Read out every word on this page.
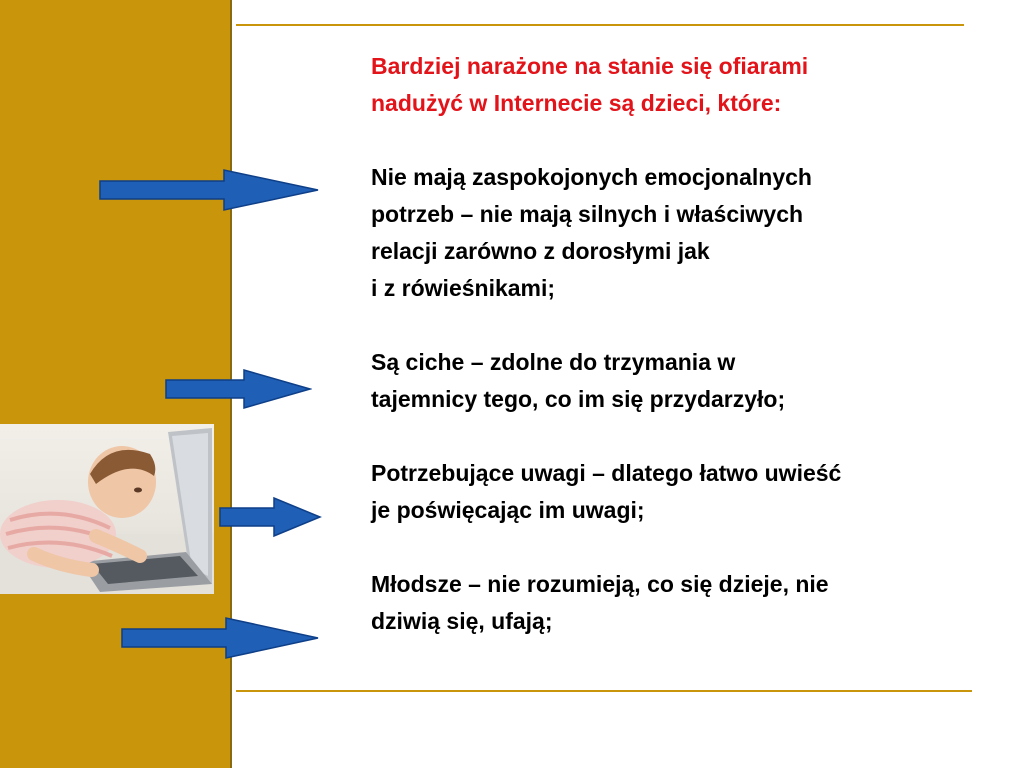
Bardziej narażone na stanie się ofiarami
nadużyć w Internecie są dzieci, które:

Nie mają zaspokojonych emocjonalnych
potrzeb – nie mają silnych i właściwych
relacji zarówno z dorosłymi jak
i z rówieśnikami;

Są ciche – zdolne do trzymania w
tajemnicy tego, co im się przydarzyło;

Potrzebujące uwagi – dlatego łatwo uwieść
je poświęcając im uwagi;

Młodsze – nie rozumieją, co się dzieje, nie
dziwią się, ufają;
